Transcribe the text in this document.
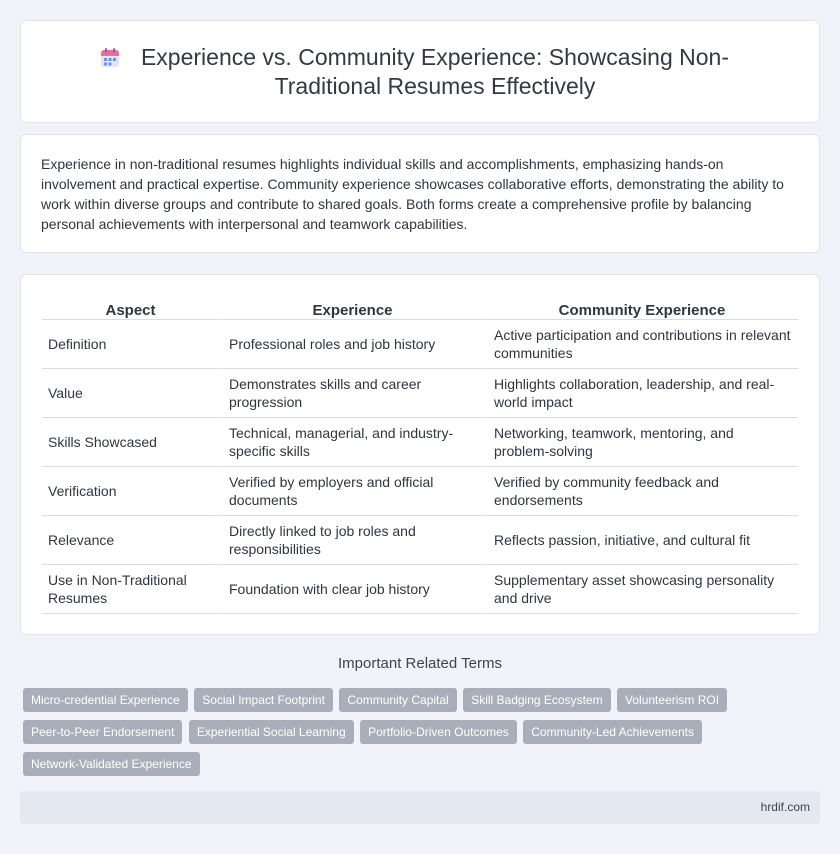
Experience vs. Community Experience: Showcasing Non-Traditional Resumes Effectively

Experience in non-traditional resumes highlights individual skills and accomplishments, emphasizing hands-on involvement and practical expertise. Community experience showcases collaborative efforts, demonstrating the ability to work within diverse groups and contribute to shared goals. Both forms create a comprehensive profile by balancing personal achievements with interpersonal and teamwork capabilities.

Aspect	Experience	Community Experience
Definition	Professional roles and job history	Active participation and contributions in relevant communities
Value	Demonstrates skills and career progression	Highlights collaboration, leadership, and real-world impact
Skills Showcased	Technical, managerial, and industry-specific skills	Networking, teamwork, mentoring, and problem-solving
Verification	Verified by employers and official documents	Verified by community feedback and endorsements
Relevance	Directly linked to job roles and responsibilities	Reflects passion, initiative, and cultural fit
Use in Non-Traditional Resumes	Foundation with clear job history	Supplementary asset showcasing personality and drive
Important Related Terms
Micro-credential Experience Social Impact Footprint Community Capital Skill Badging Ecosystem Volunteerism ROI Peer-to-Peer Endorsement Experiential Social Learning Portfolio-Driven Outcomes Community-Led Achievements Network-Validated Experience
hrdif.com
